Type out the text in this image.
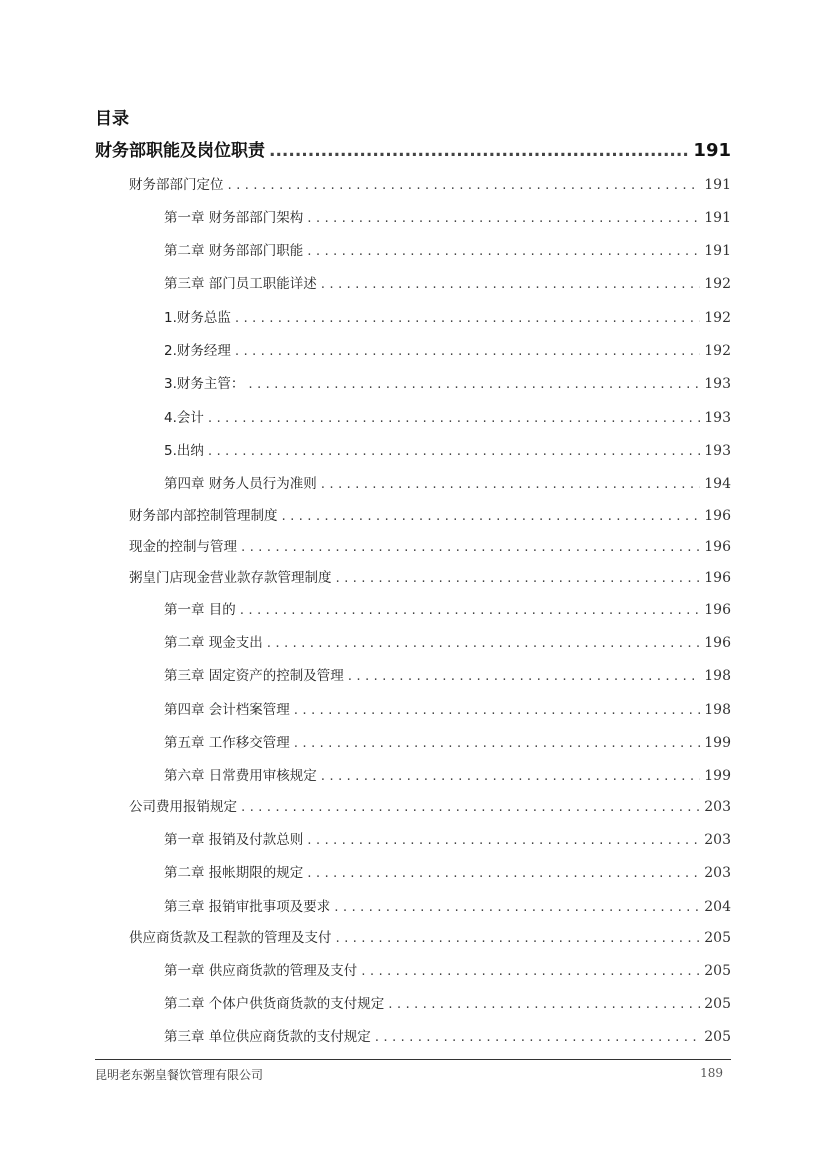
目录
财务部职能及岗位职责 .....	191
财务部部门定位 . . .	191
第一章 财务部部门架构 . . .	191
第二章 财务部部门职能 . . .	191
第三章 部门员工职能详述 . . .	192
1.财务总监 . . .	192
2.财务经理 . . .	192
3.财务主管： . . .	193
4.会计 . . .	193
5.出纳 . . .	193
第四章 财务人员行为准则 . . .	194
财务部内部控制管理制度 . . .	196
现金的控制与管理 . . .	196
粥皇门店现金营业款存款管理制度 . . .	196
第一章 目的 . . .	196
第二章 现金支出 . . .	196
第三章 固定资产的控制及管理 . . .	198
第四章 会计档案管理 . . .	198
第五章 工作移交管理 . . .	199
第六章 日常费用审核规定 . . .	199
公司费用报销规定 . . .	203
第一章 报销及付款总则 . . .	203
第二章 报帐期限的规定 . . .	203
第三章 报销审批事项及要求 . . .	204
供应商货款及工程款的管理及支付 . . .	205
第一章 供应商货款的管理及支付 . . .	205
第二章 个体户供货商货款的支付规定 . . .	205
第三章 单位供应商货款的支付规定 . . .	205
昆明老东粥皇餐饮管理有限公司	189
